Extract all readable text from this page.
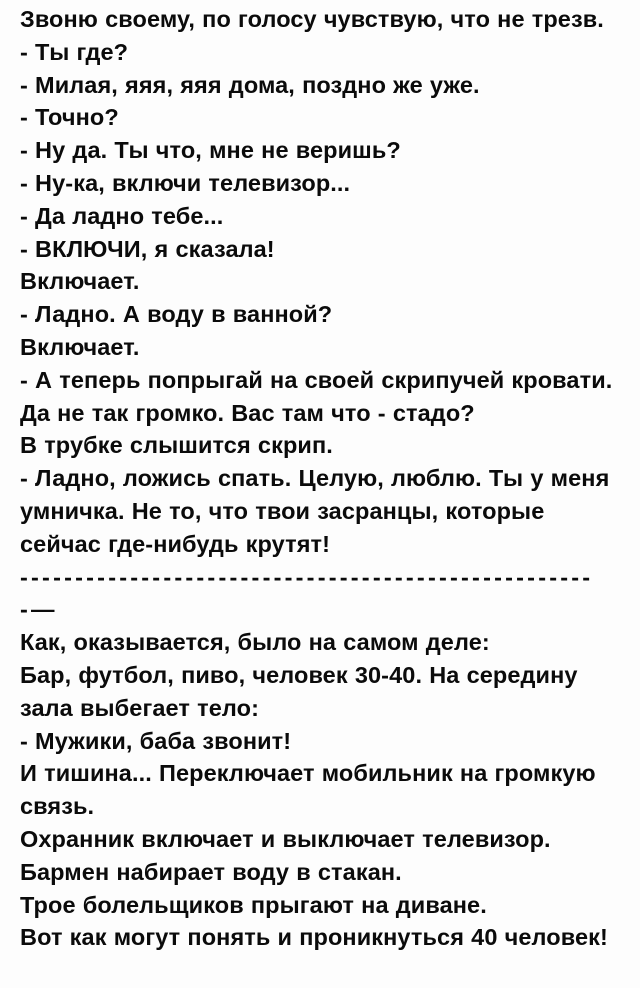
Звоню своему, по голосу чувствую, что не трезв.

- Ты где?

- Милая, яяя, яяя дома, поздно же уже.

- Точно?

- Ну да. Ты что, мне не веришь?

- Ну-ка, включи телевизор...

- Да ладно тебе...

- ВКЛЮЧИ, я сказала!

Включает.

- Ладно. А воду в ванной?

Включает.

- А теперь попрыгай на своей скрипучей кровати. Да не так громко. Вас там что - стадо?

В трубке слышится скрип.

- Ладно, ложись спать. Целую, люблю. Ты у меня умничка. Не то, что твои засранцы, которые сейчас где-нибудь крутят!

----------------------------------------------------

-—

Как, оказывается, было на самом деле:

Бар, футбол, пиво, человек 30-40. На середину зала выбегает тело:

- Мужики, баба звонит!

И тишина... Переключает мобильник на громкую связь.

Охранник включает и выключает телевизор.

Бармен набирает воду в стакан.

Трое болельщиков прыгают на диване.

Вот как могут понять и проникнуться 40 человек!
